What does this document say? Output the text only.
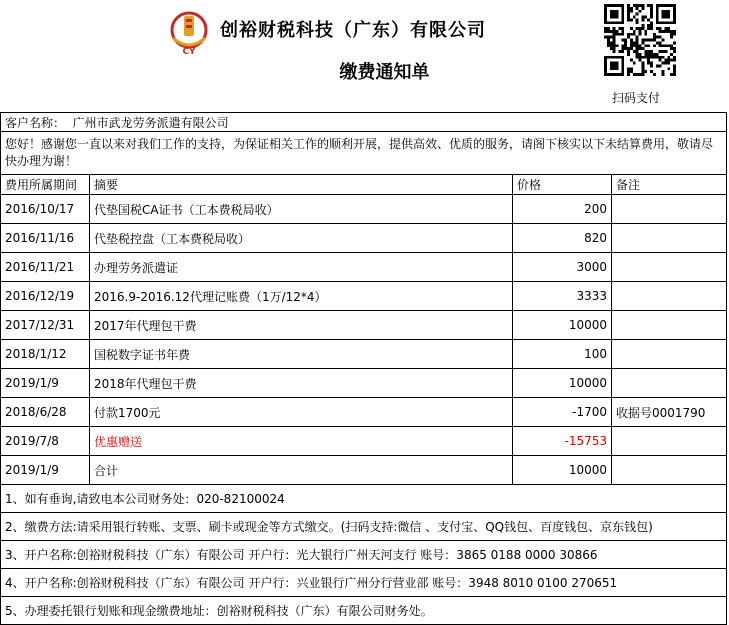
CY
创裕财税科技（广东）有限公司
缴费通知单
扫码支付
客户名称： 广州市武龙劳务派遣有限公司			
您好！感谢您一直以来对我们工作的支持，为保证相关工作的顺利开展，提供高效、优质的服务，请阁下核实以下未结算费用，敬请尽快办理为谢！			
费用所属期间	摘要	价格	备注
2016/10/17	代垫国税CA证书（工本费税局收）	200	
2016/11/16	代垫税控盘（工本费税局收）	820	
2016/11/21	办理劳务派遣证	3000	
2016/12/19	2016.9-2016.12代理记账费（1万/12*4）	3333	
2017/12/31	2017年代理包干费	10000	
2018/1/12	国税数字证书年费	100	
2019/1/9	2018年代理包干费	10000	
2018/6/28	付款1700元	-1700	收据号0001790
2019/7/8	优惠赠送	-15753	
2019/1/9	合计	10000	
1、如有垂询,请致电本公司财务处：020-82100024			
2、缴费方法:请采用银行转账、支票、刷卡或现金等方式缴交。(扫码支持:微信 、支付宝、QQ钱包、百度钱包、京东钱包)			
3、开户名称:创裕财税科技（广东）有限公司 开户行：光大银行广州天河支行 账号：3865 0188 0000 30866			
4、开户名称:创裕财税科技（广东）有限公司 开户行：兴业银行广州分行营业部 账号：3948 8010 0100 270651			
5、办理委托银行划账和现金缴费地址：创裕财税科技（广东）有限公司财务处。			
